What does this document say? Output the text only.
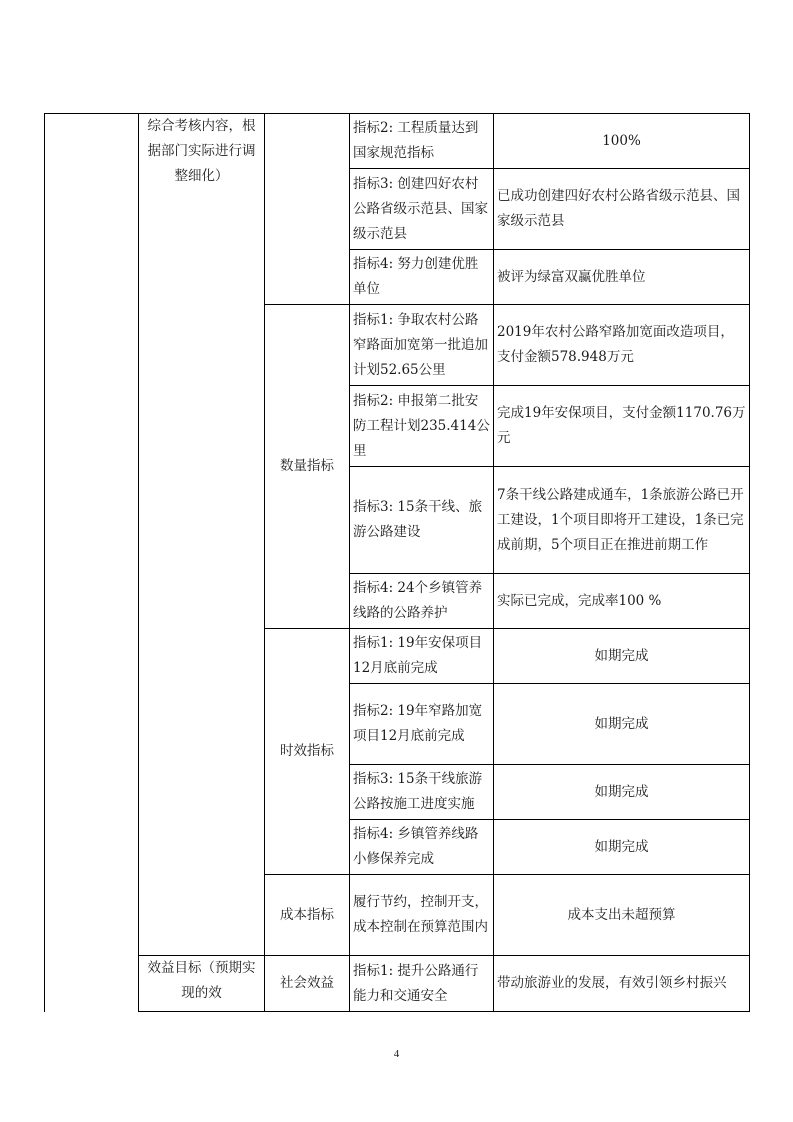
	综合考核内容，根据部门实际进行调整细化）		指标2: 工程质量达到国家规范指标	100%
			指标3: 创建四好农村公路省级示范县、国家级示范县	已成功创建四好农村公路省级示范县、国家级示范县
			指标4: 努力创建优胜单位	被评为绿富双赢优胜单位
		数量指标	指标1: 争取农村公路窄路面加宽第一批追加计划52.65公里	2019年农村公路窄路加宽面改造项目，支付金额578.948万元
			指标2: 申报第二批安防工程计划235.414公里	完成19年安保项目，支付金额1170.76万元
			指标3: 15条干线、旅游公路建设	7条干线公路建成通车，1条旅游公路已开工建设，1个项目即将开工建设，1条已完成前期，5个项目正在推进前期工作
			指标4: 24个乡镇管养线路的公路养护	实际已完成，完成率100 %
		时效指标	指标1: 19年安保项目12月底前完成	如期完成
			指标2: 19年窄路加宽项目12月底前完成	如期完成
			指标3: 15条干线旅游公路按施工进度实施	如期完成
			指标4: 乡镇管养线路小修保养完成	如期完成
		成本指标	履行节约，控制开支，成本控制在预算范围内	成本支出未超预算
	效益目标（预期实现的效	社会效益	指标1: 提升公路通行能力和交通安全	带动旅游业的发展，有效引领乡村振兴
4
